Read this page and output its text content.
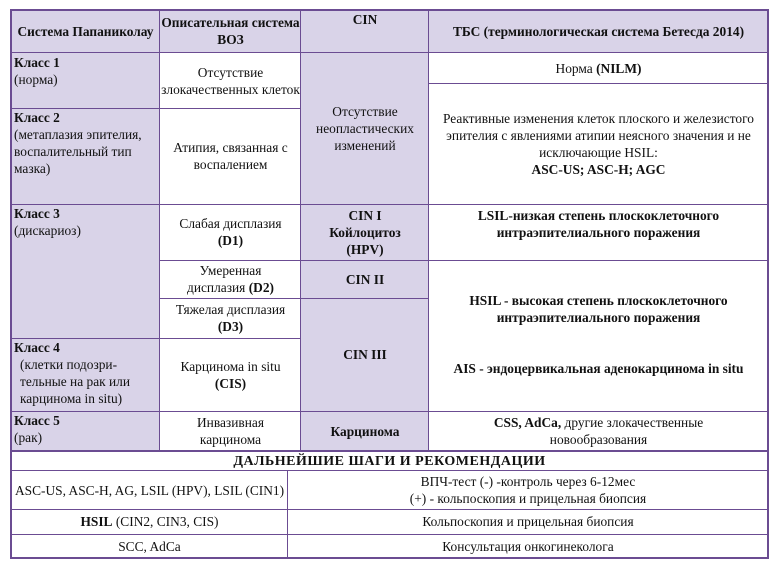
Система Папаниколау
Описательная система ВОЗ
CIN
ТБС (терминологическая система Бетесда 2014)
Класс 1
(норма)
Класс 2
(метаплазия эпителия, воспалительный тип мазка)
Класс 3
(дискариоз)
Класс 4
(клетки подозри-тельные на рак или карцинома in situ)
Класс 5
(рак)
Отсутствие злокачественных клеток
Атипия, связанная с воспалением
Слабая дисплазия (D1)
Умеренная дисплазия (D2)
Тяжелая дисплазия
(D3)
Карцинома in situ
(CIS)
Инвазивная карцинома
Отсутствие неопластических изменений
CIN I Койлоцитоз (HPV)
CIN II
CIN III
Карцинома
Норма (NILM)
Реактивные изменения клеток плоского и железистого эпителия с явлениями атипии неясного значения и не исключающие HSIL:
ASC-US; ASC-H; AGC
LSIL-низкая степень плоскоклеточного интраэпителиального поражения
HSIL - высокая степень плоскоклеточного интраэпителиального поражения
AIS - эндоцервикальная аденокарцинома in situ
CSS, AdCa, другие злокачественные новообразования
ДАЛЬНЕЙШИЕ ШАГИ И РЕКОМЕНДАЦИИ
ASC-US, ASC-H, AG, LSIL (HPV), LSIL (CIN1)
ВПЧ-тест (-) -контроль через 6-12мес
(+) - кольпоскопия и прицельная биопсия
HSIL (CIN2, CIN3, CIS)	Кольпоскопия и прицельная биопсия
SCC, AdCa	Консультация онкогинеколога
